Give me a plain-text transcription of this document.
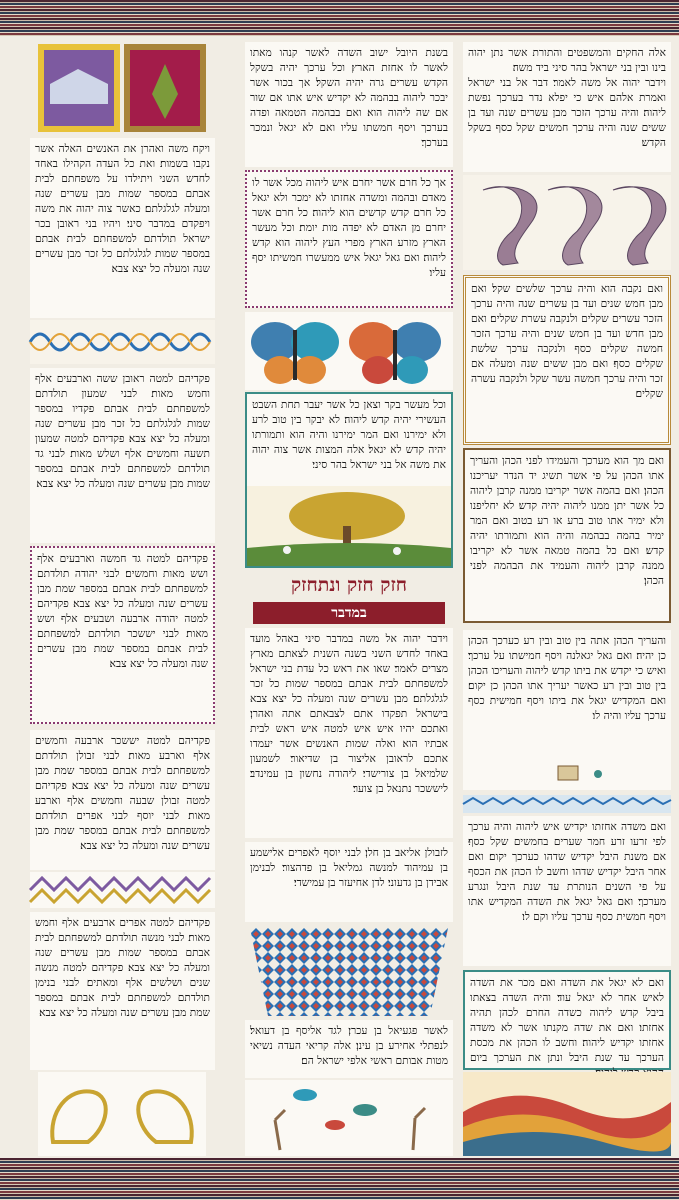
אלה החקים והמשפטים והתורת אשר נתן יהוה בינו ובין בני ישראל בהר סיני ביד משה׃

וידבר יהוה אל משה לאמר׃ דבר אל בני ישראל ואמרת אלהם איש כי יפלא נדר בערכך נפשת ליהוה׃ והיה ערכך הזכר מבן עשרים שנה ועד בן ששים שנה והיה ערכך חמשים שקל כסף בשקל הקדש׃

ואם נקבה הוא והיה ערכך שלשים שקל׃ ואם מבן חמש שנים ועד בן עשרים שנה והיה ערכך הזכר עשרים שקלים ולנקבה עשרת שקלים׃ ואם מבן חדש ועד בן חמש שנים והיה ערכך הזכר חמשה שקלים כסף ולנקבה ערכך שלשת שקלים כסף׃ ואם מבן ששים שנה ומעלה אם זכר והיה ערכך חמשה עשר שקל ולנקבה עשרה שקלים׃

ואם מך הוא מערכך והעמידו לפני הכהן והעריך אתו הכהן על פי אשר תשיג יד הנדר יעריכנו הכהן׃ ואם בהמה אשר יקריבו ממנה קרבן ליהוה כל אשר יתן ממנו ליהוה יהיה קדש׃ לא יחליפנו ולא ימיר אתו טוב ברע או רע בטוב ואם המר ימיר בהמה בבהמה והיה הוא ותמורתו יהיה קדש׃ ואם כל בהמה טמאה אשר לא יקריבו ממנה קרבן ליהוה והעמיד את הבהמה לפני הכהן׃

והעריך הכהן אתה בין טוב ובין רע כערכך הכהן כן יהיה׃ ואם גאל יגאלנה ויסף חמישתו על ערכך׃ ואיש כי יקדש את ביתו קדש ליהוה והעריכו הכהן בין טוב ובין רע כאשר יעריך אתו הכהן כן יקום׃ ואם המקדיש יגאל את ביתו ויסף חמישית כסף ערכך עליו והיה לו׃

ואם משדה אחזתו יקדיש איש ליהוה והיה ערכך לפי זרעו זרע חמר שערים בחמשים שקל כסף׃ אם משנת היבל יקדיש שדהו כערכך יקום׃ ואם אחר היבל יקדיש שדהו וחשב לו הכהן את הכסף על פי השנים הנותרת עד שנת היבל ונגרע מערכך׃ ואם גאל יגאל את השדה המקדיש אתו ויסף חמשית כסף ערכך עליו וקם לו׃

ואם לא יגאל את השדה ואם מכר את השדה לאיש אחר לא יגאל עוד׃ והיה השדה בצאתו ביבל קדש ליהוה כשדה החרם לכהן תהיה אחזתו׃ ואם את שדה מקנתו אשר לא משדה אחזתו יקדיש ליהוה׃ וחשב לו הכהן את מכסת הערכך עד שנת היבל ונתן את הערכך ביום

בשנת היובל ישוב השדה לאשר קנהו מאתו לאשר לו אחזת הארץ׃ וכל ערכך יהיה בשקל הקדש עשרים גרה יהיה השקל׃ אך בכור אשר יבכר ליהוה בבהמה לא יקדיש איש אתו אם שור אם שה ליהוה הוא׃ ואם בבהמה הטמאה ופדה בערכך ויסף חמשתו עליו ואם לא יגאל ונמכר בערכך׃

אך כל חרם אשר יחרם איש ליהוה מכל אשר לו מאדם ובהמה ומשדה אחזתו לא ימכר ולא יגאל כל חרם קדש קדשים הוא ליהוה׃ כל חרם אשר יחרם מן האדם לא יפדה מות יומת׃ וכל מעשר הארץ מזרע הארץ מפרי העץ ליהוה הוא קדש ליהוה׃ ואם גאל יגאל איש ממעשרו חמשיתו יסף עליו׃

וכל מעשר בקר וצאן כל אשר יעבר תחת השבט העשירי יהיה קדש ליהוה׃ לא יבקר בין טוב לרע ולא ימירנו ואם המר ימירנו והיה הוא ותמורתו יהיה קדש לא יגאל׃ אלה המצות אשר צוה יהוה את משה אל בני ישראל בהר סיני׃

חזק חזק ונתחזק
במדבר

וידבר יהוה אל משה במדבר סיני באהל מועד באחד לחדש השני בשנה השנית לצאתם מארץ מצרים לאמר׃ שאו את ראש כל עדת בני ישראל למשפחתם לבית אבתם במספר שמות כל זכר לגלגלתם׃ מבן עשרים שנה ומעלה כל יצא צבא בישראל תפקדו אתם לצבאתם אתה ואהרן׃ ואתכם יהיו איש איש למטה איש ראש לבית אבתיו הוא׃ ואלה שמות האנשים אשר יעמדו אתכם לראובן אליצור בן שדיאור׃ לשמעון שלמיאל בן צורישדי׃ ליהודה נחשון בן עמינדב׃ ליששכר נתנאל בן צוער׃

לזבולן אליאב בן חלן׃ לבני יוסף לאפרים אלישמע בן עמיהוד למנשה גמליאל בן פדהצור׃ לבנימן אבידן בן גדעוני׃ לדן אחיעזר בן עמישדי׃

לאשר פגעיאל בן עכרן׃ לגד אליסף בן דעואל׃ לנפתלי אחירע בן עינן׃ אלה קריאי העדה נשיאי מטות אבותם ראשי אלפי ישראל הם׃

ויקח משה ואהרן את האנשים האלה אשר נקבו בשמות׃ ואת כל העדה הקהילו באחד לחדש השני ויתילדו על משפחתם לבית אבתם במספר שמות מבן עשרים שנה ומעלה לגלגלתם׃ כאשר צוה יהוה את משה ויפקדם במדבר סיני׃ ויהיו בני ראובן בכר ישראל תולדתם למשפחתם לבית אבתם במספר שמות לגלגלתם כל זכר מבן עשרים שנה ומעלה כל יצא צבא׃

פקדיהם למטה ראובן ששה וארבעים אלף וחמש מאות׃ לבני שמעון תולדתם למשפחתם לבית אבתם פקדיו במספר שמות לגלגלתם כל זכר מבן עשרים שנה ומעלה כל יצא צבא׃ פקדיהם למטה שמעון תשעה וחמשים אלף ושלש מאות׃ לבני גד תולדתם למשפחתם לבית אבתם במספר שמות מבן עשרים שנה ומעלה כל יצא צבא׃

פקדיהם למטה גד חמשה וארבעים אלף ושש מאות וחמשים׃ לבני יהודה תולדתם למשפחתם לבית אבתם במספר שמת מבן עשרים שנה ומעלה כל יצא צבא׃ פקדיהם למטה יהודה ארבעה ושבעים אלף ושש מאות׃ לבני יששכר תולדתם למשפחתם לבית אבתם במספר שמת מבן עשרים שנה ומעלה כל יצא צבא׃

פקדיהם למטה יששכר ארבעה וחמשים אלף וארבע מאות׃ לבני זבולן תולדתם למשפחתם לבית אבתם במספר שמת מבן עשרים שנה ומעלה כל יצא צבא׃ פקדיהם למטה זבולן שבעה וחמשים אלף וארבע מאות׃ לבני יוסף לבני אפרים תולדתם למשפחתם לבית אבתם במספר שמת מבן עשרים שנה ומעלה כל יצא צבא׃

פקדיהם למטה אפרים ארבעים אלף וחמש מאות׃ לבני מנשה תולדתם למשפחתם לבית אבתם במספר שמות מבן עשרים שנה ומעלה כל יצא צבא׃ פקדיהם למטה מנשה שנים ושלשים אלף ומאתים׃ לבני בנימן תולדתם למשפחתם לבית אבתם במספר שמת מבן עשרים שנה ומעלה כל יצא צבא׃
